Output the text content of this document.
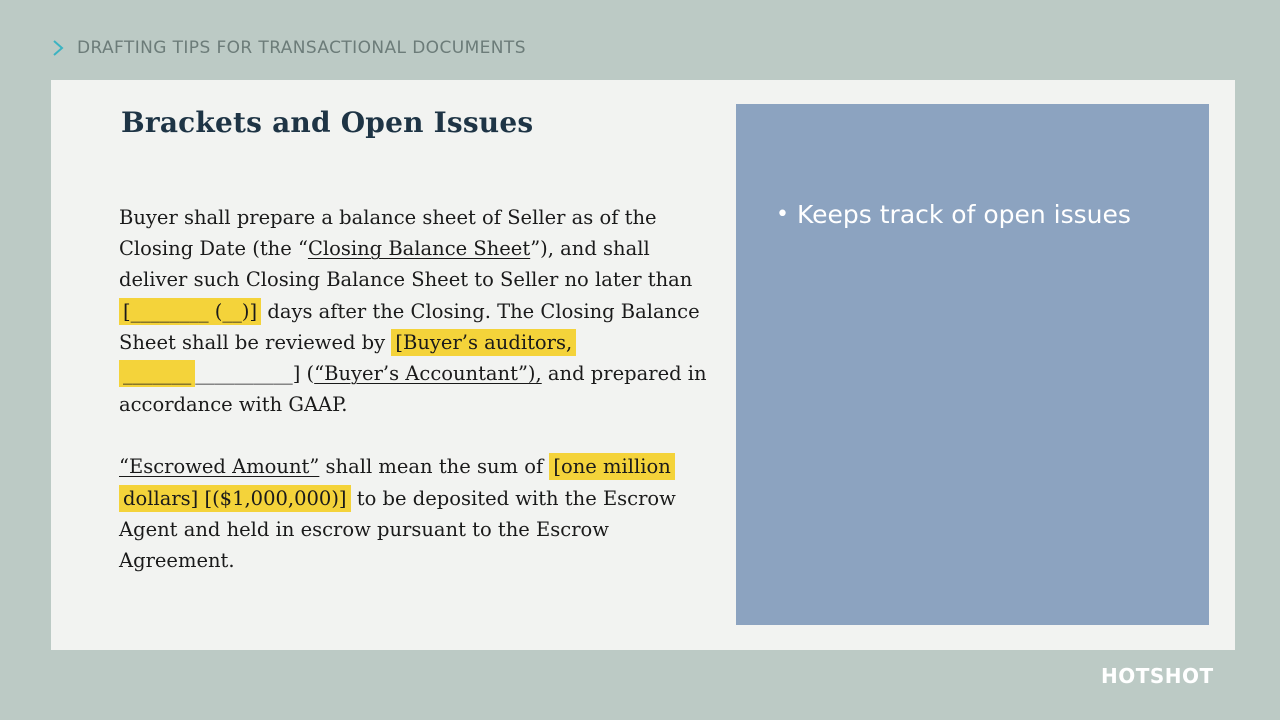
DRAFTING TIPS FOR TRANSACTIONAL DOCUMENTS
Brackets and Open Issues

Buyer shall prepare a balance sheet of Seller as of the Closing Date (the “Closing Balance Sheet”), and shall deliver such Closing Balance Sheet to Seller no later than [________ (__)] days after the Closing. The Closing Balance Sheet shall be reviewed by [Buyer’s auditors, _______ __________] (“Buyer’s Accountant”), and prepared in accordance with GAAP.

“Escrowed Amount” shall mean the sum of [one million dollars] [($1,000,000)] to be deposited with the Escrow Agent and held in escrow pursuant to the Escrow Agreement.

• Keeps track of open issues
HOTSHOT
